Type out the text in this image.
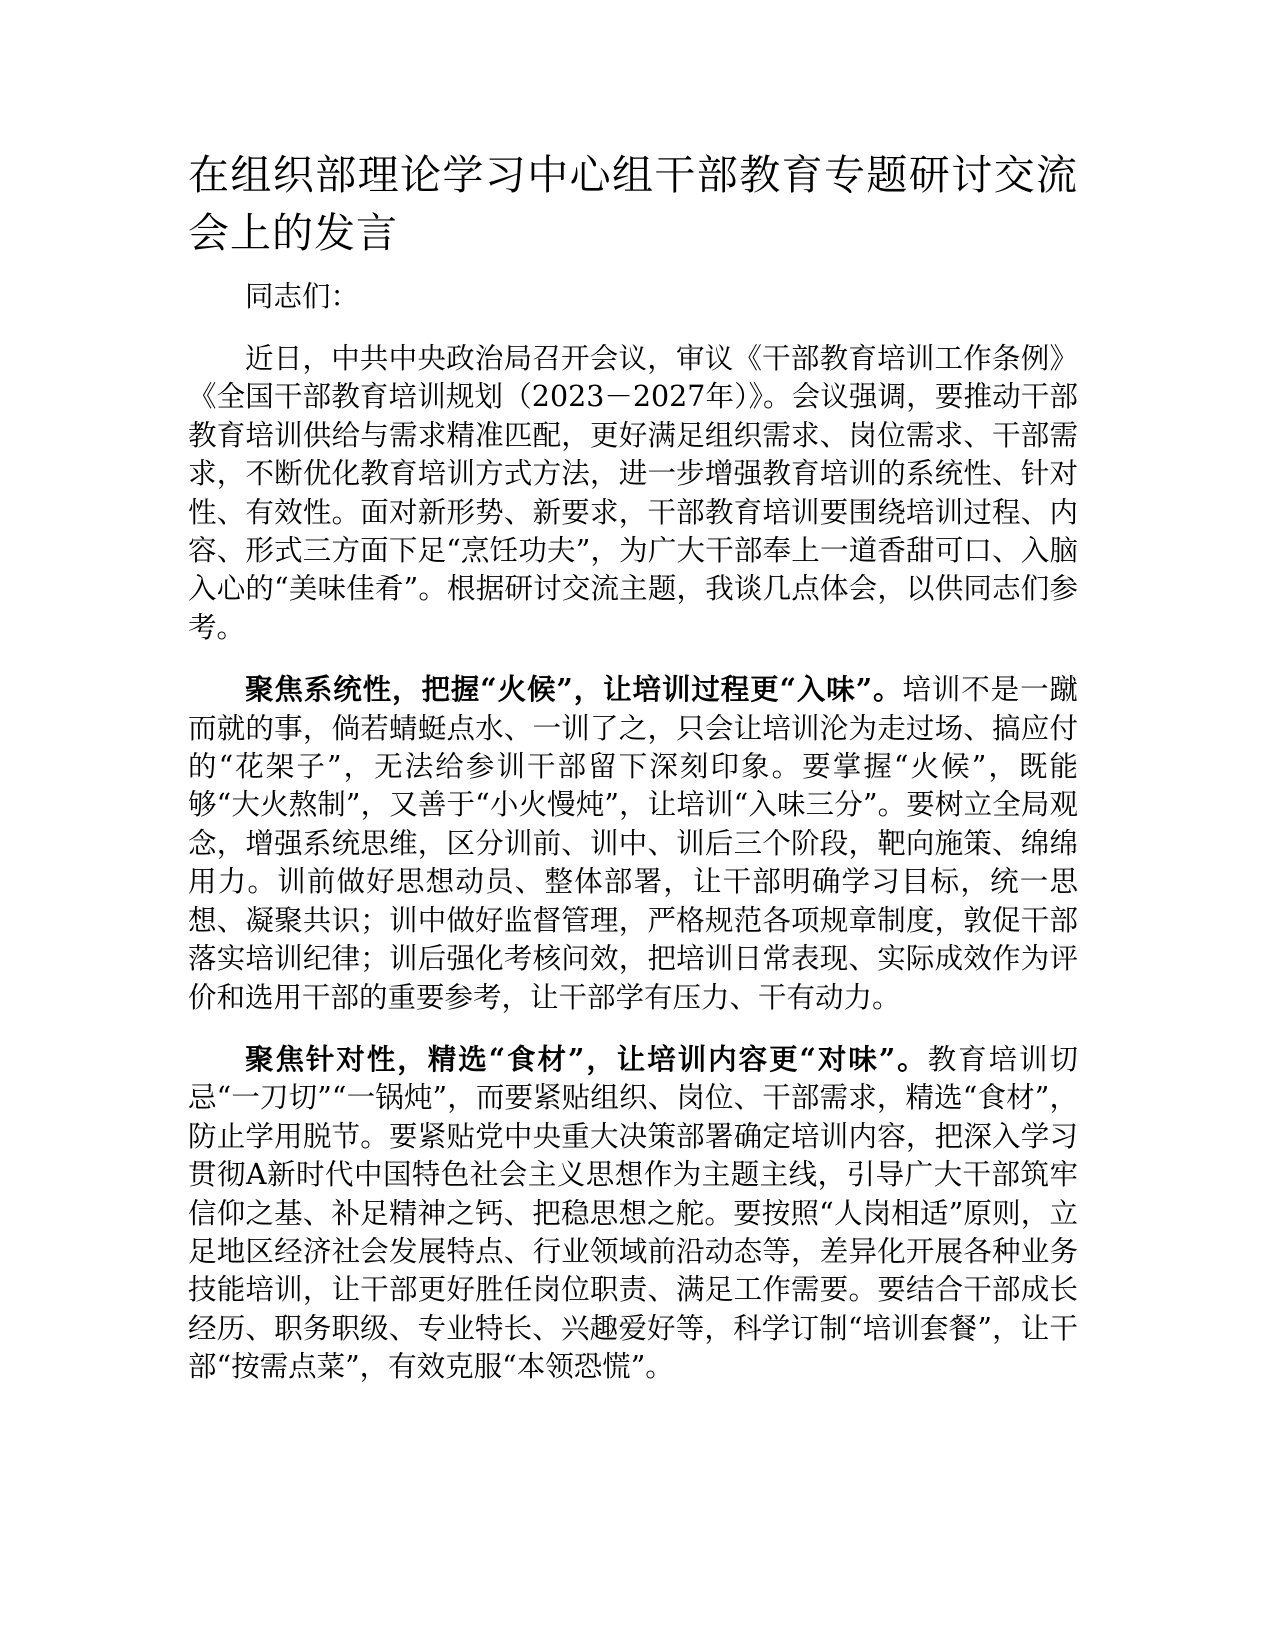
在组织部理论学习中心组干部教育专题研讨交流会上的发言

同志们：

近日，中共中央政治局召开会议，审议《干部教育培训工作条例》《全国干部教育培训规划（2023－2027年）》。会议强调，要推动干部教育培训供给与需求精准匹配，更好满足组织需求、岗位需求、干部需求，不断优化教育培训方式方法，进一步增强教育培训的系统性、针对性、有效性。面对新形势、新要求，干部教育培训要围绕培训过程、内容、形式三方面下足“烹饪功夫”，为广大干部奉上一道香甜可口、入脑入心的“美味佳肴”。根据研讨交流主题，我谈几点体会，以供同志们参考。

聚焦系统性，把握“火候”，让培训过程更“入味”。培训不是一蹴而就的事，倘若蜻蜓点水、一训了之，只会让培训沦为走过场、搞应付的“花架子”，无法给参训干部留下深刻印象。要掌握“火候”，既能够“大火熬制”，又善于“小火慢炖”，让培训“入味三分”。要树立全局观念，增强系统思维，区分训前、训中、训后三个阶段，靶向施策、绵绵用力。训前做好思想动员、整体部署，让干部明确学习目标，统一思想、凝聚共识；训中做好监督管理，严格规范各项规章制度，敦促干部落实培训纪律；训后强化考核问效，把培训日常表现、实际成效作为评价和选用干部的重要参考，让干部学有压力、干有动力。

聚焦针对性，精选“食材”，让培训内容更“对味”。教育培训切忌“一刀切”“一锅炖”，而要紧贴组织、岗位、干部需求，精选“食材”，防止学用脱节。要紧贴党中央重大决策部署确定培训内容，把深入学习贯彻A新时代中国特色社会主义思想作为主题主线，引导广大干部筑牢信仰之基、补足精神之钙、把稳思想之舵。要按照“人岗相适”原则，立足地区经济社会发展特点、行业领域前沿动态等，差异化开展各种业务技能培训，让干部更好胜任岗位职责、满足工作需要。要结合干部成长经历、职务职级、专业特长、兴趣爱好等，科学订制“培训套餐”，让干部“按需点菜”，有效克服“本领恐慌”。
